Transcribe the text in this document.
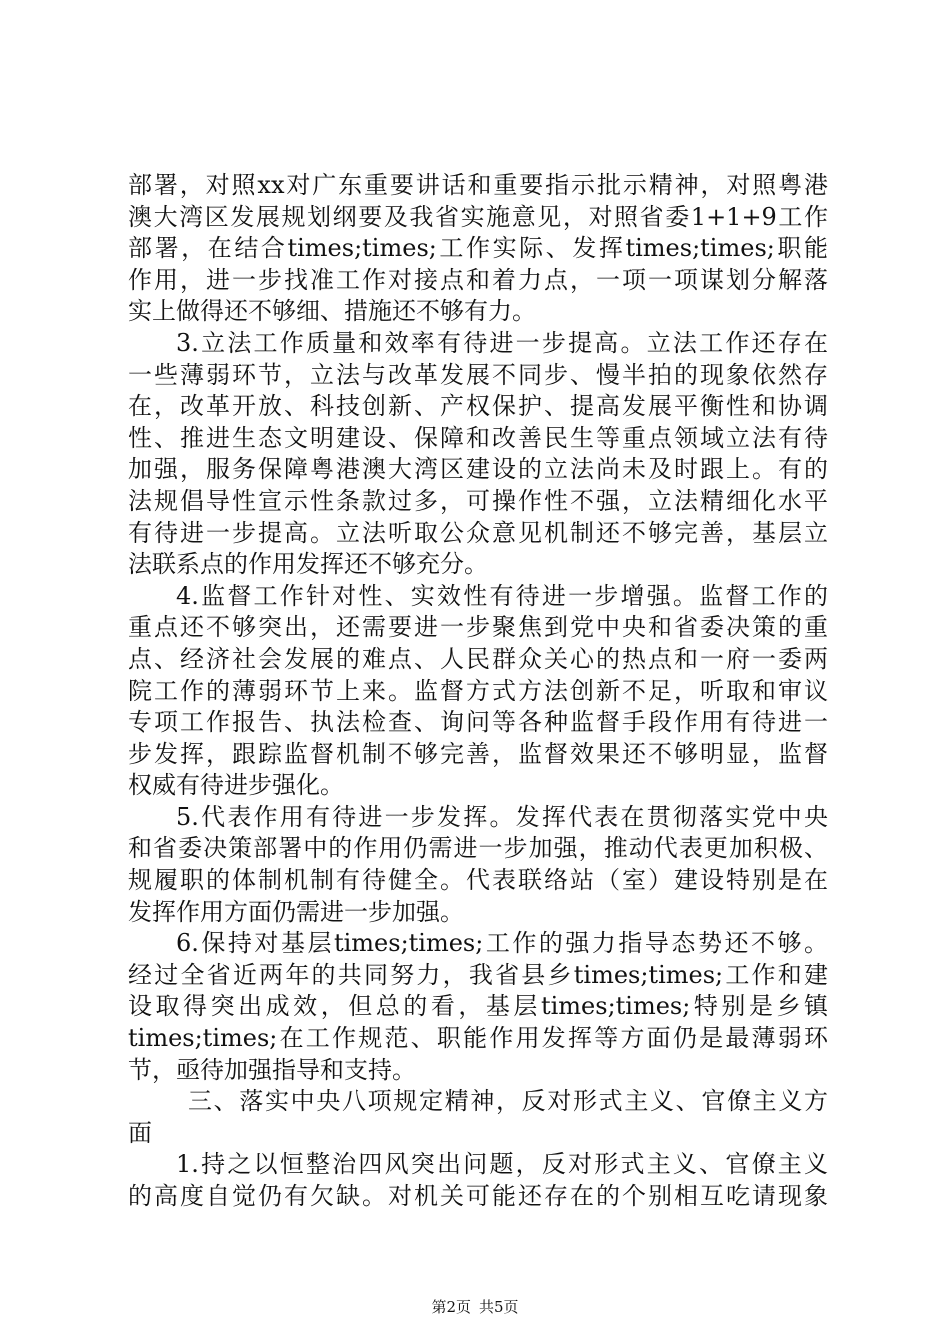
部署，对照xx对广东重要讲话和重要指示批示精神，对照粤港
澳大湾区发展规划纲要及我省实施意见，对照省委1+1+9工作
部署，在结合times;times;工作实际、发挥times;times;职能
作用，进一步找准工作对接点和着力点，一项一项谋划分解落
实上做得还不够细、措施还不够有力。
3.立法工作质量和效率有待进一步提高。立法工作还存在
一些薄弱环节，立法与改革发展不同步、慢半拍的现象依然存
在，改革开放、科技创新、产权保护、提高发展平衡性和协调
性、推进生态文明建设、保障和改善民生等重点领域立法有待
加强，服务保障粤港澳大湾区建设的立法尚未及时跟上。有的
法规倡导性宣示性条款过多，可操作性不强，立法精细化水平
有待进一步提高。立法听取公众意见机制还不够完善，基层立
法联系点的作用发挥还不够充分。
4.监督工作针对性、实效性有待进一步增强。监督工作的
重点还不够突出，还需要进一步聚焦到党中央和省委决策的重
点、经济社会发展的难点、人民群众关心的热点和一府一委两
院工作的薄弱环节上来。监督方式方法创新不足，听取和审议
专项工作报告、执法检查、询问等各种监督手段作用有待进一
步发挥，跟踪监督机制不够完善，监督效果还不够明显，监督
权威有待进步强化。
5.代表作用有待进一步发挥。发挥代表在贯彻落实党中央
和省委决策部署中的作用仍需进一步加强，推动代表更加积极、
规履职的体制机制有待健全。代表联络站（室）建设特别是在
发挥作用方面仍需进一步加强。
6.保持对基层times;times;工作的强力指导态势还不够。
经过全省近两年的共同努力，我省县乡times;times;工作和建
设取得突出成效，但总的看，基层times;times;特别是乡镇
times;times;在工作规范、职能作用发挥等方面仍是最薄弱环
节，亟待加强指导和支持。
三、落实中央八项规定精神，反对形式主义、官僚主义方
面
1.持之以恒整治四风突出问题，反对形式主义、官僚主义
的高度自觉仍有欠缺。对机关可能还存在的个别相互吃请现象
第2页 共5页
